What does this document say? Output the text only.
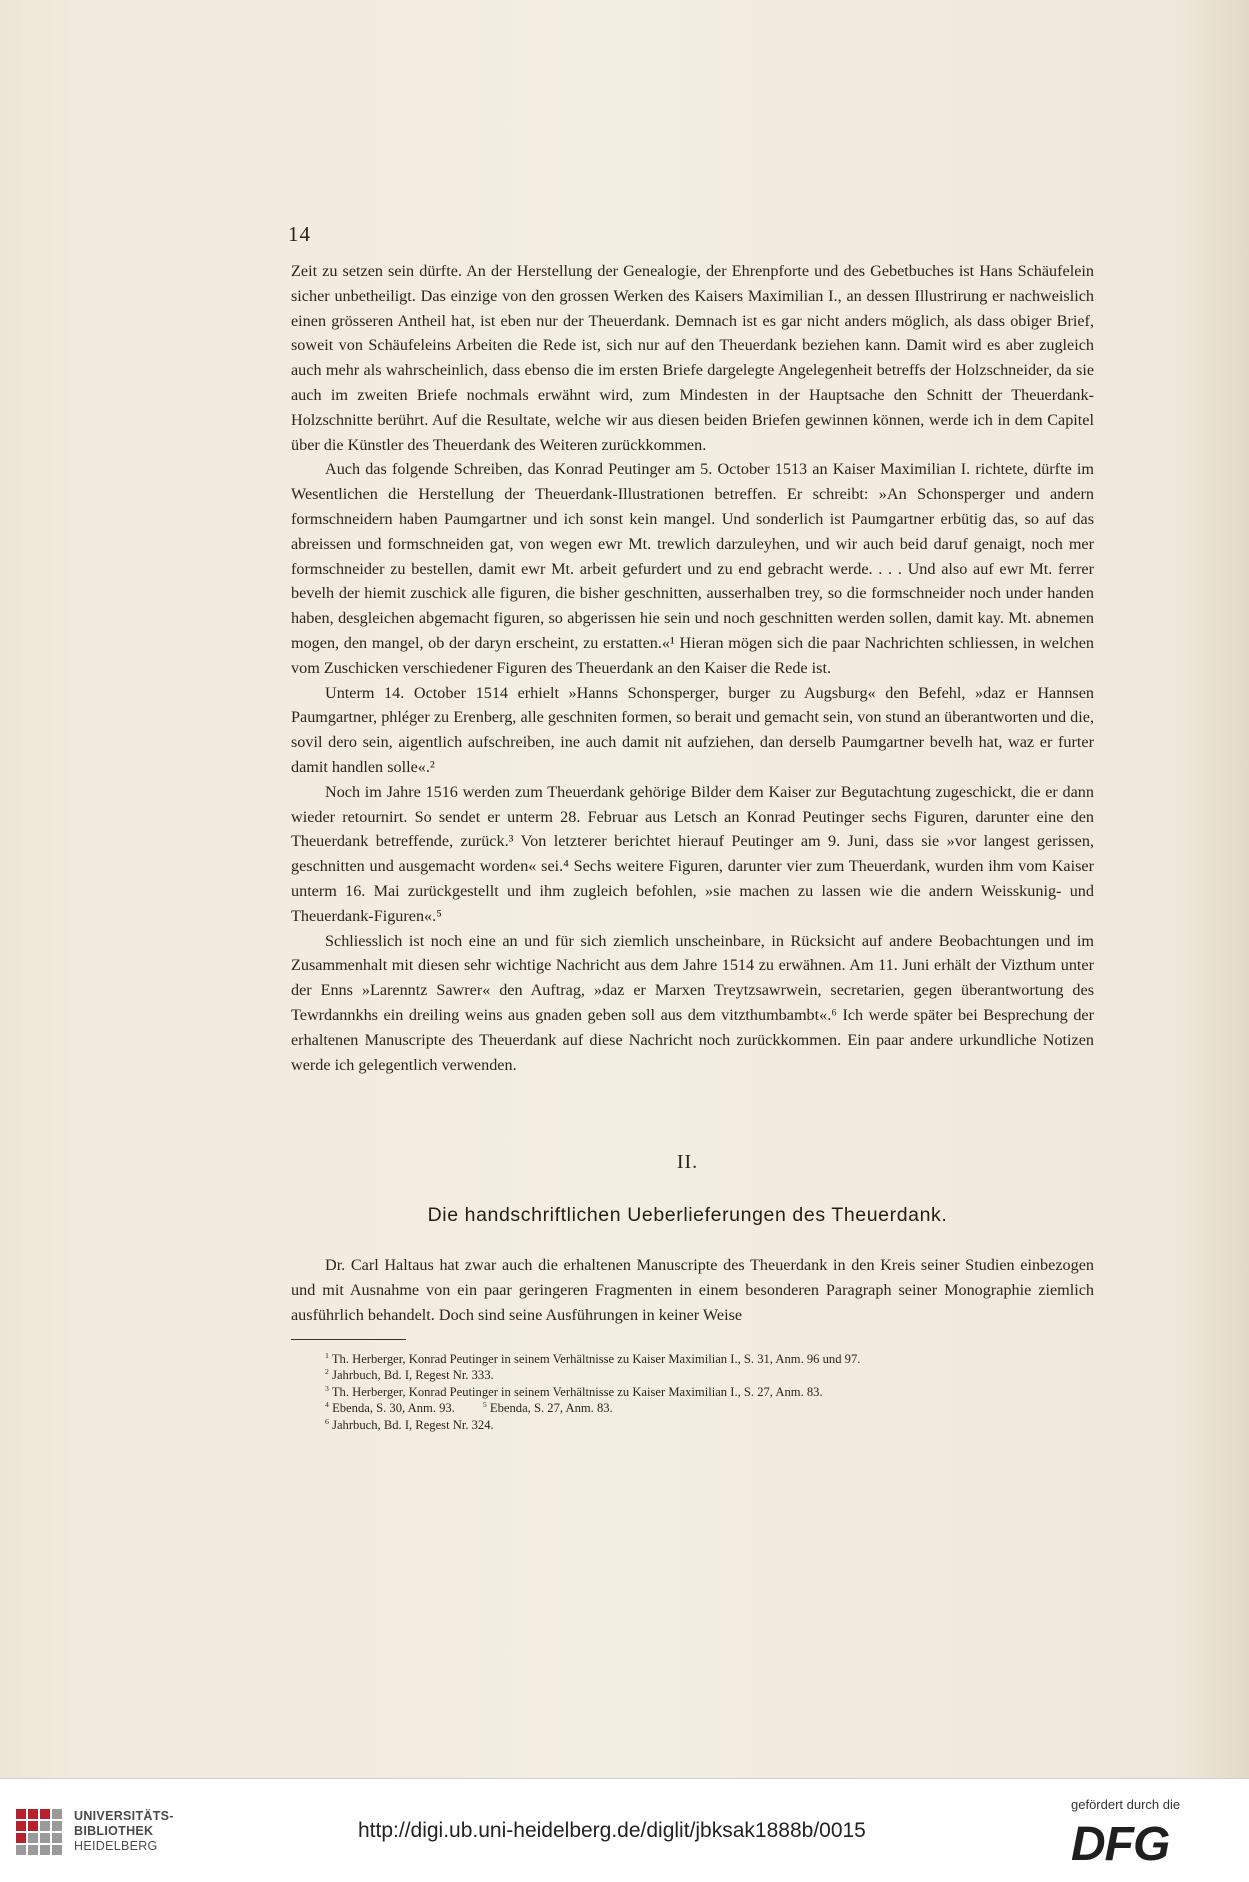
14

Zeit zu setzen sein dürfte. An der Herstellung der Genealogie, der Ehrenpforte und des Gebetbuches ist Hans Schäufelein sicher unbetheiligt. Das einzige von den grossen Werken des Kaisers Maximilian I., an dessen Illustrirung er nachweislich einen grösseren Antheil hat, ist eben nur der Theuerdank. Demnach ist es gar nicht anders möglich, als dass obiger Brief, soweit von Schäufeleins Arbeiten die Rede ist, sich nur auf den Theuerdank beziehen kann. Damit wird es aber zugleich auch mehr als wahrscheinlich, dass ebenso die im ersten Briefe dargelegte Angelegenheit betreffs der Holzschneider, da sie auch im zweiten Briefe nochmals erwähnt wird, zum Mindesten in der Hauptsache den Schnitt der Theuerdank-Holzschnitte berührt. Auf die Resultate, welche wir aus diesen beiden Briefen gewinnen können, werde ich in dem Capitel über die Künstler des Theuerdank des Weiteren zurückkommen.

Auch das folgende Schreiben, das Konrad Peutinger am 5. October 1513 an Kaiser Maximilian I. richtete, dürfte im Wesentlichen die Herstellung der Theuerdank-Illustrationen betreffen. Er schreibt: »An Schonsperger und andern formschneidern haben Paumgartner und ich sonst kein mangel. Und sonderlich ist Paumgartner erbütig das, so auf das abreissen und formschneiden gat, von wegen ewr Mt. trewlich darzuleyhen, und wir auch beid daruf genaigt, noch mer formschneider zu bestellen, damit ewr Mt. arbeit gefurdert und zu end gebracht werde. . . . Und also auf ewr Mt. ferrer bevelh der hiemit zuschick alle figuren, die bisher geschnitten, ausserhalben trey, so die formschneider noch under handen haben, desgleichen abgemacht figuren, so abgerissen hie sein und noch geschnitten werden sollen, damit kay. Mt. abnemen mogen, den mangel, ob der daryn erscheint, zu erstatten.«¹ Hieran mögen sich die paar Nachrichten schliessen, in welchen vom Zuschicken verschiedener Figuren des Theuerdank an den Kaiser die Rede ist.

Unterm 14. October 1514 erhielt »Hanns Schonsperger, burger zu Augsburg« den Befehl, »daz er Hannsen Paumgartner, phléger zu Erenberg, alle geschniten formen, so berait und gemacht sein, von stund an überantworten und die, sovil dero sein, aigentlich aufschreiben, ine auch damit nit aufziehen, dan derselb Paumgartner bevelh hat, waz er furter damit handlen solle«.²

Noch im Jahre 1516 werden zum Theuerdank gehörige Bilder dem Kaiser zur Begutachtung zugeschickt, die er dann wieder retournirt. So sendet er unterm 28. Februar aus Letsch an Konrad Peutinger sechs Figuren, darunter eine den Theuerdank betreffende, zurück.³ Von letzterer berichtet hierauf Peutinger am 9. Juni, dass sie »vor langest gerissen, geschnitten und ausgemacht worden« sei.⁴ Sechs weitere Figuren, darunter vier zum Theuerdank, wurden ihm vom Kaiser unterm 16. Mai zurückgestellt und ihm zugleich befohlen, »sie machen zu lassen wie die andern Weisskunig- und Theuerdank-Figuren«.⁵

Schliesslich ist noch eine an und für sich ziemlich unscheinbare, in Rücksicht auf andere Beobachtungen und im Zusammenhalt mit diesen sehr wichtige Nachricht aus dem Jahre 1514 zu erwähnen. Am 11. Juni erhält der Vizthum unter der Enns »Larenntz Sawrer« den Auftrag, »daz er Marxen Treytzsawrwein, secretarien, gegen überantwortung des Tewrdannkhs ein dreiling weins aus gnaden geben soll aus dem vitzthumbambt«.⁶ Ich werde später bei Besprechung der erhaltenen Manuscripte des Theuerdank auf diese Nachricht noch zurückkommen. Ein paar andere urkundliche Notizen werde ich gelegentlich verwenden.

II.
Die handschriftlichen Ueberlieferungen des Theuerdank.

Dr. Carl Haltaus hat zwar auch die erhaltenen Manuscripte des Theuerdank in den Kreis seiner Studien einbezogen und mit Ausnahme von ein paar geringeren Fragmenten in einem besonderen Paragraph seiner Monographie ziemlich ausführlich behandelt. Doch sind seine Ausführungen in keiner Weise

$^1$ Th. Herberger, Konrad Peutinger in seinem Verhältnisse zu Kaiser Maximilian I., S. 31, Anm. 96 und 97.
$^2$ Jahrbuch, Bd. I, Regest Nr. 333.
$^3$ Th. Herberger, Konrad Peutinger in seinem Verhältnisse zu Kaiser Maximilian I., S. 27, Anm. 83.
$^4$ Ebenda, S. 30, Anm. 93.	$^5$ Ebenda, S. 27, Anm. 83.
$^6$ Jahrbuch, Bd. I, Regest Nr. 324.
UNIVERSITÄTS-
BIBLIOTHEK
HEIDELBERG
http://digi.ub.uni-heidelberg.de/diglit/jbksak1888b/0015
gefördert durch die
DFG
